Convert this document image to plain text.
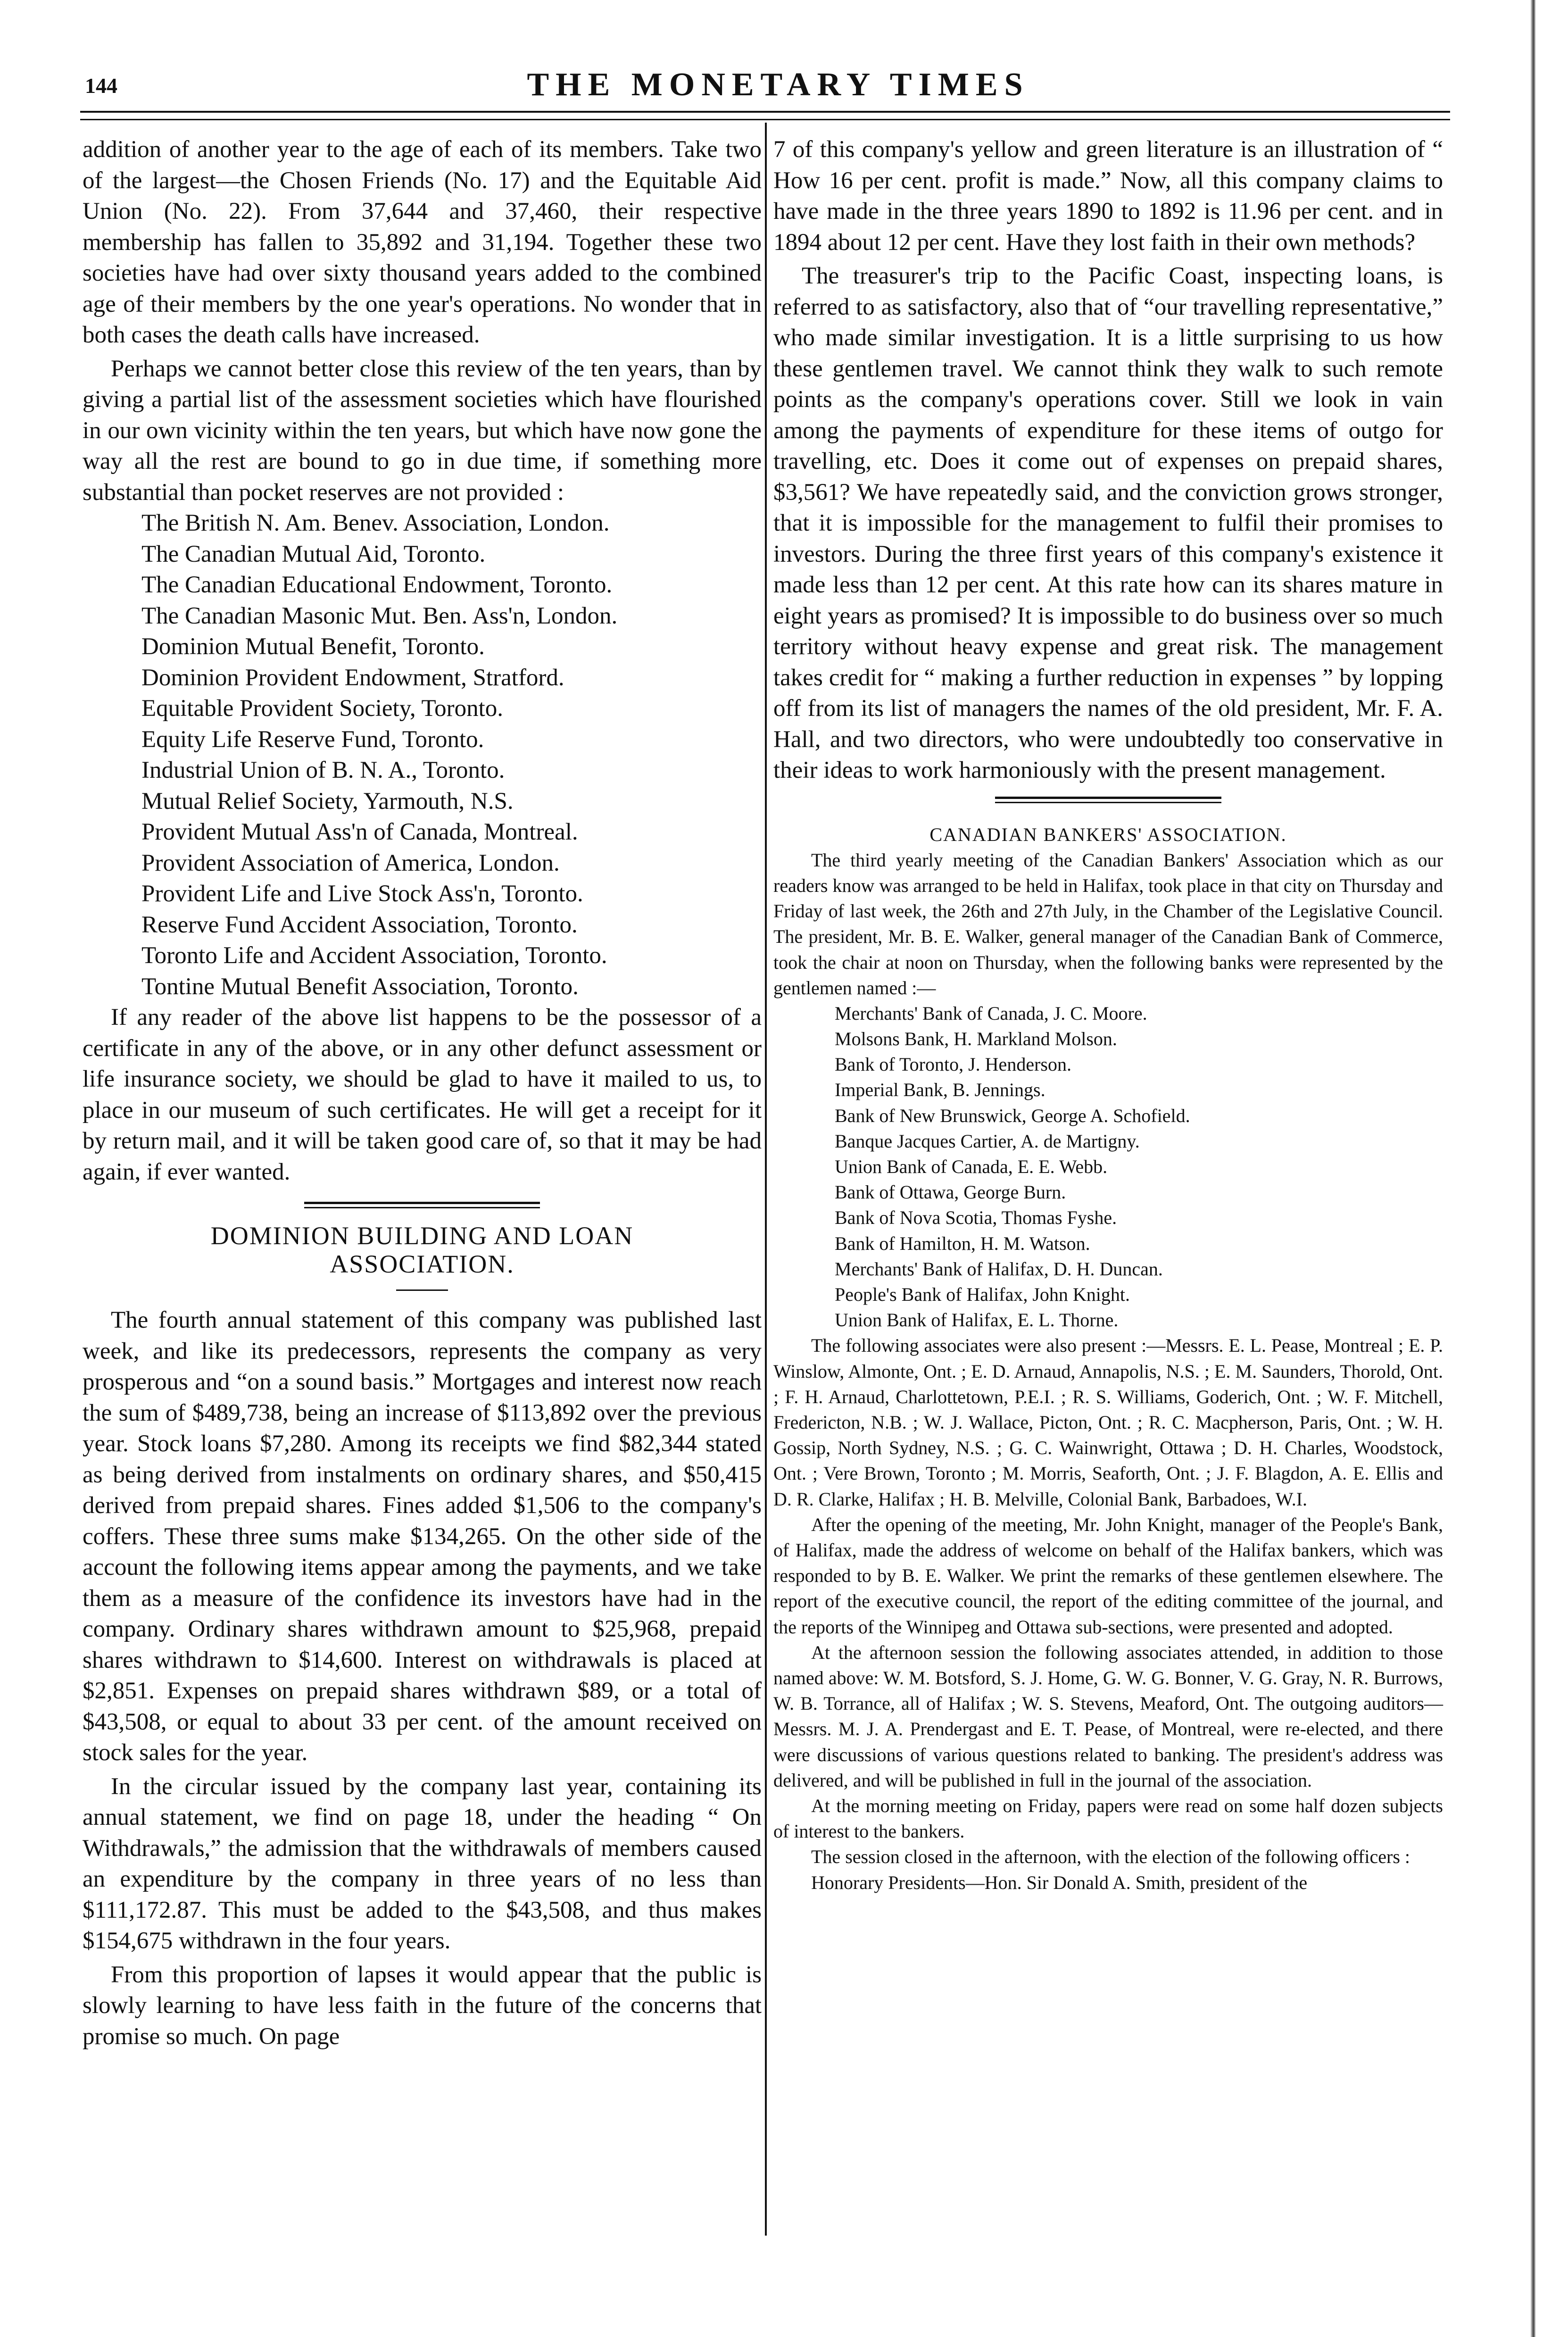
144	THE MONETARY TIMES

addition of another year to the age of each of its members. Take two of the largest—the Chosen Friends (No. 17) and the Equitable Aid Union (No. 22). From 37,644 and 37,460, their respective membership has fallen to 35,892 and 31,194. Together these two societies have had over sixty thousand years added to the combined age of their members by the one year's operations. No wonder that in both cases the death calls have increased.

Perhaps we cannot better close this review of the ten years, than by giving a partial list of the assessment societies which have flourished in our own vicinity within the ten years, but which have now gone the way all the rest are bound to go in due time, if something more substantial than pocket reserves are not provided :

The British N. Am. Benev. Association, London.
The Canadian Mutual Aid, Toronto.
The Canadian Educational Endowment, Toronto.
The Canadian Masonic Mut. Ben. Ass'n, London.
Dominion Mutual Benefit, Toronto.
Dominion Provident Endowment, Stratford.
Equitable Provident Society, Toronto.
Equity Life Reserve Fund, Toronto.
Industrial Union of B. N. A., Toronto.
Mutual Relief Society, Yarmouth, N.S.
Provident Mutual Ass'n of Canada, Montreal.
Provident Association of America, London.
Provident Life and Live Stock Ass'n, Toronto.
Reserve Fund Accident Association, Toronto.
Toronto Life and Accident Association, Toronto.
Tontine Mutual Benefit Association, Toronto.

If any reader of the above list happens to be the possessor of a certificate in any of the above, or in any other defunct assessment or life insurance society, we should be glad to have it mailed to us, to place in our museum of such certificates. He will get a receipt for it by return mail, and it will be taken good care of, so that it may be had again, if ever wanted.

DOMINION BUILDING AND LOAN

ASSOCIATION.

The fourth annual statement of this company was published last week, and like its predecessors, represents the company as very prosperous and “on a sound basis.” Mortgages and interest now reach the sum of $489,738, being an increase of $113,892 over the previous year. Stock loans $7,280. Among its receipts we find $82,344 stated as being derived from instalments on ordinary shares, and $50,415 derived from prepaid shares. Fines added $1,506 to the company's coffers. These three sums make $134,265. On the other side of the account the following items appear among the payments, and we take them as a measure of the confidence its investors have had in the company. Ordinary shares withdrawn amount to $25,968, prepaid shares withdrawn to $14,600. Interest on withdrawals is placed at $2,851. Expenses on prepaid shares withdrawn $89, or a total of $43,508, or equal to about 33 per cent. of the amount received on stock sales for the year.

In the circular issued by the company last year, containing its annual statement, we find on page 18, under the heading “ On Withdrawals,” the admission that the withdrawals of members caused an expenditure by the company in three years of no less than $111,172.87. This must be added to the $43,508, and thus makes $154,675 withdrawn in the four years.

From this proportion of lapses it would appear that the public is slowly learning to have less faith in the future of the concerns that promise so much. On page

7 of this company's yellow and green literature is an illustration of “ How 16 per cent. profit is made.” Now, all this company claims to have made in the three years 1890 to 1892 is 11.96 per cent. and in 1894 about 12 per cent. Have they lost faith in their own methods?

The treasurer's trip to the Pacific Coast, inspecting loans, is referred to as satisfactory, also that of “our travelling representative,” who made similar investigation. It is a little surprising to us how these gentlemen travel. We cannot think they walk to such remote points as the company's operations cover. Still we look in vain among the payments of expenditure for these items of outgo for travelling, etc. Does it come out of expenses on prepaid shares, $3,561? We have repeatedly said, and the conviction grows stronger, that it is impossible for the management to fulfil their promises to investors. During the three first years of this company's existence it made less than 12 per cent. At this rate how can its shares mature in eight years as promised? It is impossible to do business over so much territory without heavy expense and great risk. The management takes credit for “ making a further reduction in expenses ” by lopping off from its list of managers the names of the old president, Mr. F. A. Hall, and two directors, who were undoubtedly too conservative in their ideas to work harmoniously with the present management.

CANADIAN BANKERS' ASSOCIATION.

The third yearly meeting of the Canadian Bankers' Association which as our readers know was arranged to be held in Halifax, took place in that city on Thursday and Friday of last week, the 26th and 27th July, in the Chamber of the Legislative Council. The president, Mr. B. E. Walker, general manager of the Canadian Bank of Commerce, took the chair at noon on Thursday, when the following banks were represented by the gentlemen named :—

Merchants' Bank of Canada, J. C. Moore.
Molsons Bank, H. Markland Molson.
Bank of Toronto, J. Henderson.
Imperial Bank, B. Jennings.
Bank of New Brunswick, George A. Schofield.
Banque Jacques Cartier, A. de Martigny.
Union Bank of Canada, E. E. Webb.
Bank of Ottawa, George Burn.
Bank of Nova Scotia, Thomas Fyshe.
Bank of Hamilton, H. M. Watson.
Merchants' Bank of Halifax, D. H. Duncan.
People's Bank of Halifax, John Knight.
Union Bank of Halifax, E. L. Thorne.

The following associates were also present :—Messrs. E. L. Pease, Montreal ; E. P. Winslow, Almonte, Ont. ; E. D. Arnaud, Annapolis, N.S. ; E. M. Saunders, Thorold, Ont. ; F. H. Arnaud, Charlottetown, P.E.I. ; R. S. Williams, Goderich, Ont. ; W. F. Mitchell, Fredericton, N.B. ; W. J. Wallace, Picton, Ont. ; R. C. Macpherson, Paris, Ont. ; W. H. Gossip, North Sydney, N.S. ; G. C. Wainwright, Ottawa ; D. H. Charles, Woodstock, Ont. ; Vere Brown, Toronto ; M. Morris, Seaforth, Ont. ; J. F. Blagdon, A. E. Ellis and D. R. Clarke, Halifax ; H. B. Melville, Colonial Bank, Barbadoes, W.I.

After the opening of the meeting, Mr. John Knight, manager of the People's Bank, of Halifax, made the address of welcome on behalf of the Halifax bankers, which was responded to by B. E. Walker. We print the remarks of these gentlemen elsewhere. The report of the executive council, the report of the editing committee of the journal, and the reports of the Winnipeg and Ottawa sub-sections, were presented and adopted.

At the afternoon session the following associates attended, in addition to those named above: W. M. Botsford, S. J. Home, G. W. G. Bonner, V. G. Gray, N. R. Burrows, W. B. Torrance, all of Halifax ; W. S. Stevens, Meaford, Ont. The outgoing auditors—Messrs. M. J. A. Prendergast and E. T. Pease, of Montreal, were re-elected, and there were discussions of various questions related to banking. The president's address was delivered, and will be published in full in the journal of the association.

At the morning meeting on Friday, papers were read on some half dozen subjects of interest to the bankers.

The session closed in the afternoon, with the election of the following officers :

Honorary Presidents—Hon. Sir Donald A. Smith, president of the
